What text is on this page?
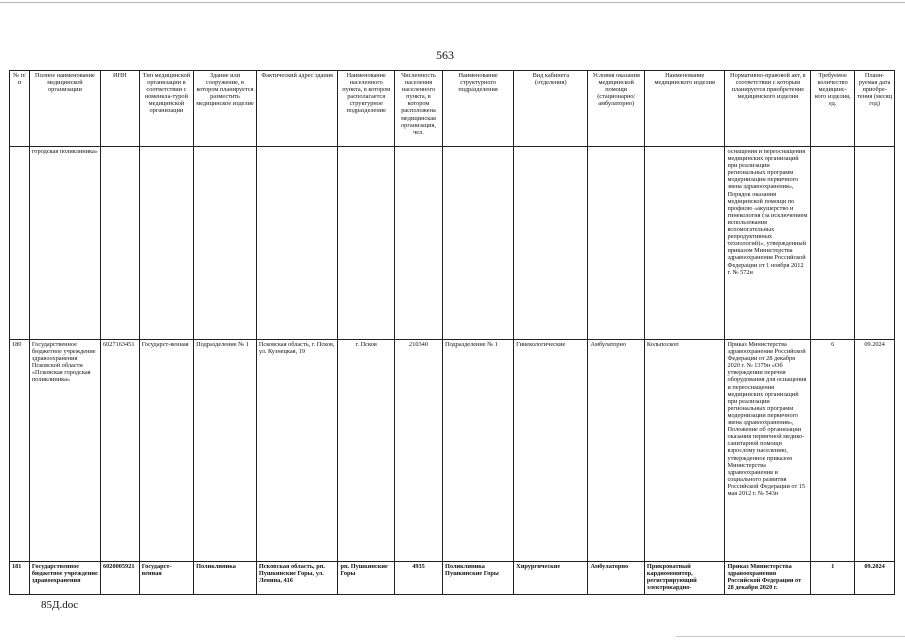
563
№ п/п	Полное наименование медицинской организации	ИНН	Тип медицинской организации в соответствии с номенкла-турой медицинской организации	Здание или сооружение, в котором планируется разместить медицинское изделие	Фактический адрес здания	Наименование населенного пункта, в котором располагается структурное подразделение	Численность населения населенного пункта, в котором расположена медицинская организация, чел.	Наименование структурного подразделения	Вид кабинета (отделения)	Условия оказания медицинской помощи (стационарно/ амбулаторно)	Наименование медицинского изделия	Нормативно-правовой акт, в соответствии с которым планируется приобретение медицинского изделия	Требуемое количество медицинс-кого изделия, ед.	Плани-руемая дата приобре-тения (месяц год)
	городская поликлиника»											оснащения и переоснащения медицинских организаций при реализации региональных программ модернизации первичного звена здравоохранения», Порядок оказания медицинской помощи по профилю «акушерство и гинекология (за исключением использования вспомогательных репродуктивных технологий)», утвержденный приказом Министерства здравоохранения Российской Федерации от 1 ноября 2012 г. № 572н		
180	Государственное бюджетное учреждение здравоохранения Псковской области «Псковская городская поликлиника»	6027163451	Государст-венная	Подразделение № 1	Псковская область, г. Псков, ул. Кузнецкая, 19	г. Псков	210340	Подразделение № 1	Гинекологические	Амбулаторно	Кольпоскоп	Приказ Министерства здравоохранения Российской Федерации от 28 декабря 2020 г. № 1379н «Об утверждении перечня оборудования для оснащения и переоснащения медицинских организаций при реализации региональных программ модернизации первичного звена здравоохранения», Положение об организации оказания первичной медико-санитарной помощи взрослому населению, утвержденное приказом Министерства здравоохранения и социального развития Российской Федерации от 15 мая 2012 г. № 543н	6	09.2024
181	Государственное бюджетное учреждение здравоохранения	6020005921	Государст-венная	Поликлиника	Псковская область, рп. Пушкинские Горы, ул. Ленина, 416	рп. Пушкинские Горы	4935	Поликлиника Пушкинские Горы	Хирургические	Амбулаторно	Прикроватный кардиомонитор, регистрирующий электрокардио-	Приказ Министерства здравоохранения Российской Федерации от 28 декабря 2020 г.	1	09.2024
85Д.doc
